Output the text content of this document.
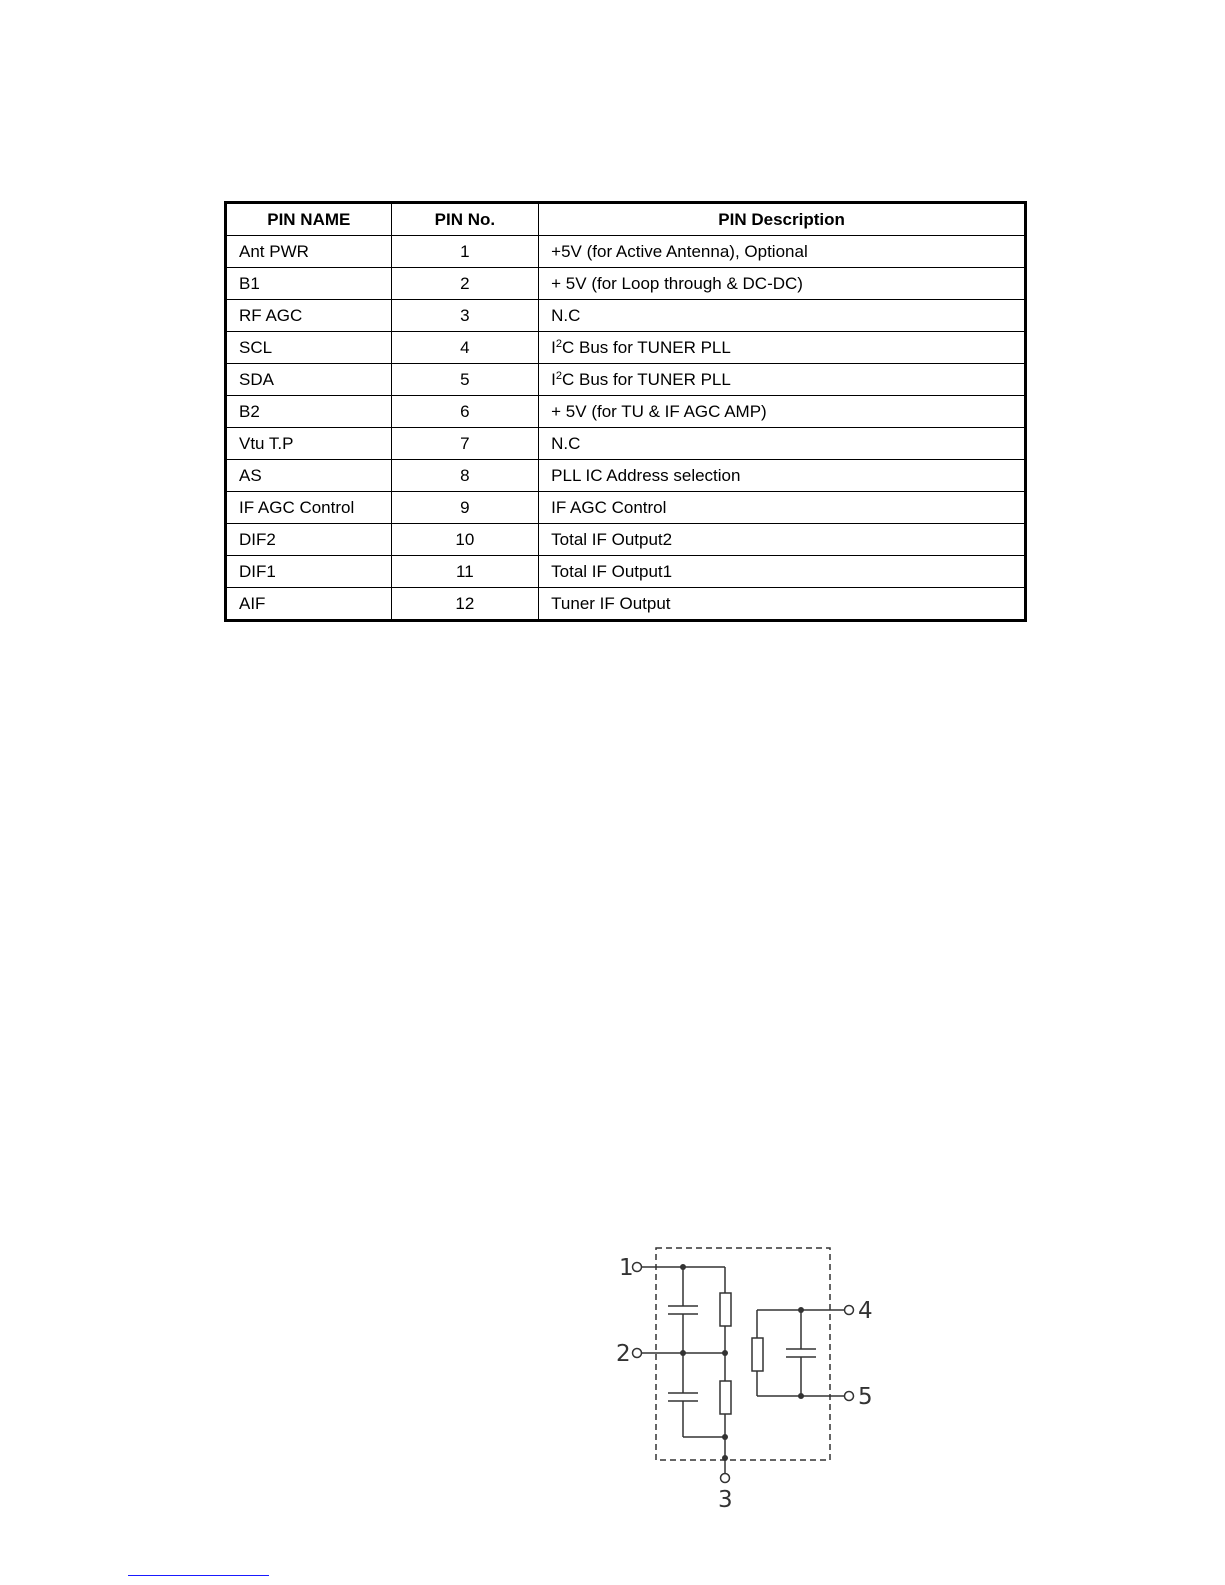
PIN NAME	PIN No.	PIN Description
Ant PWR	1	+5V (for Active Antenna), Optional
B1	2	+ 5V (for Loop through & DC-DC)
RF AGC	3	N.C
SCL	4	$I^2C$ Bus for TUNER PLL
SDA	5	$I^2C$ Bus for TUNER PLL
B2	6	+ 5V (for TU & IF AGC AMP)
Vtu T.P	7	N.C
AS	8	PLL IC Address selection
IF AGC Control	9	IF AGC Control
DIF2	10	Total IF Output2
DIF1	11	Total IF Output1
AIF	12	Tuner IF Output
1
2
3
4
5
